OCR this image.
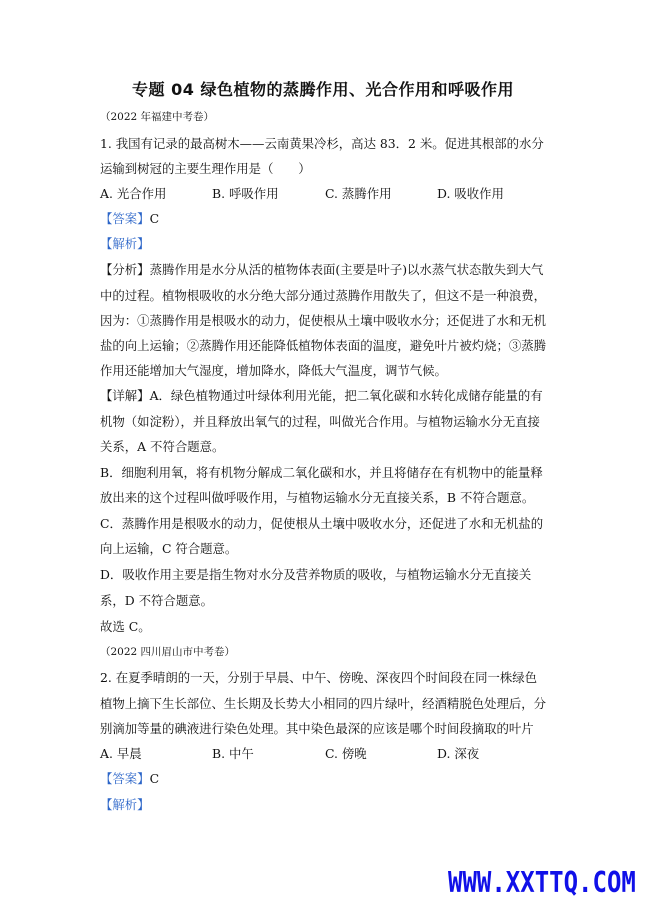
专题 04 绿色植物的蒸腾作用、光合作用和呼吸作用
（2022 年福建中考卷）
1. 我国有记录的最高树木——云南黄果冷杉，高达 83．2 米。促进其根部的水分
运输到树冠的主要生理作用是（　　）
A. 光合作用	B. 呼吸作用	C. 蒸腾作用	D. 吸收作用
【答案】C
【解析】
【分析】蒸腾作用是水分从活的植物体表面(主要是叶子)以水蒸气状态散失到大气
中的过程。植物根吸收的水分绝大部分通过蒸腾作用散失了，但这不是一种浪费，
因为：①蒸腾作用是根吸水的动力，促使根从土壤中吸收水分；还促进了水和无机
盐的向上运输；②蒸腾作用还能降低植物体表面的温度，避免叶片被灼烧；③蒸腾
作用还能增加大气湿度，增加降水，降低大气温度，调节气候。
【详解】A．绿色植物通过叶绿体利用光能，把二氧化碳和水转化成储存能量的有
机物（如淀粉），并且释放出氧气的过程，叫做光合作用。与植物运输水分无直接
关系，A 不符合题意。
B．细胞利用氧，将有机物分解成二氧化碳和水，并且将储存在有机物中的能量释
放出来的这个过程叫做呼吸作用，与植物运输水分无直接关系，B 不符合题意。
C．蒸腾作用是根吸水的动力，促使根从土壤中吸收水分，还促进了水和无机盐的
向上运输，C 符合题意。
D．吸收作用主要是指生物对水分及营养物质的吸收，与植物运输水分无直接关
系，D 不符合题意。
故选 C。
（2022 四川眉山市中考卷）
2. 在夏季晴朗的一天，分别于早晨、中午、傍晚、深夜四个时间段在同一株绿色
植物上摘下生长部位、生长期及长势大小相同的四片绿叶，经酒精脱色处理后，分
别滴加等量的碘液进行染色处理。其中染色最深的应该是哪个时间段摘取的叶片
A. 早晨	B. 中午	C. 傍晚	D. 深夜
【答案】C
【解析】
WWW.XXTTQ.COM
